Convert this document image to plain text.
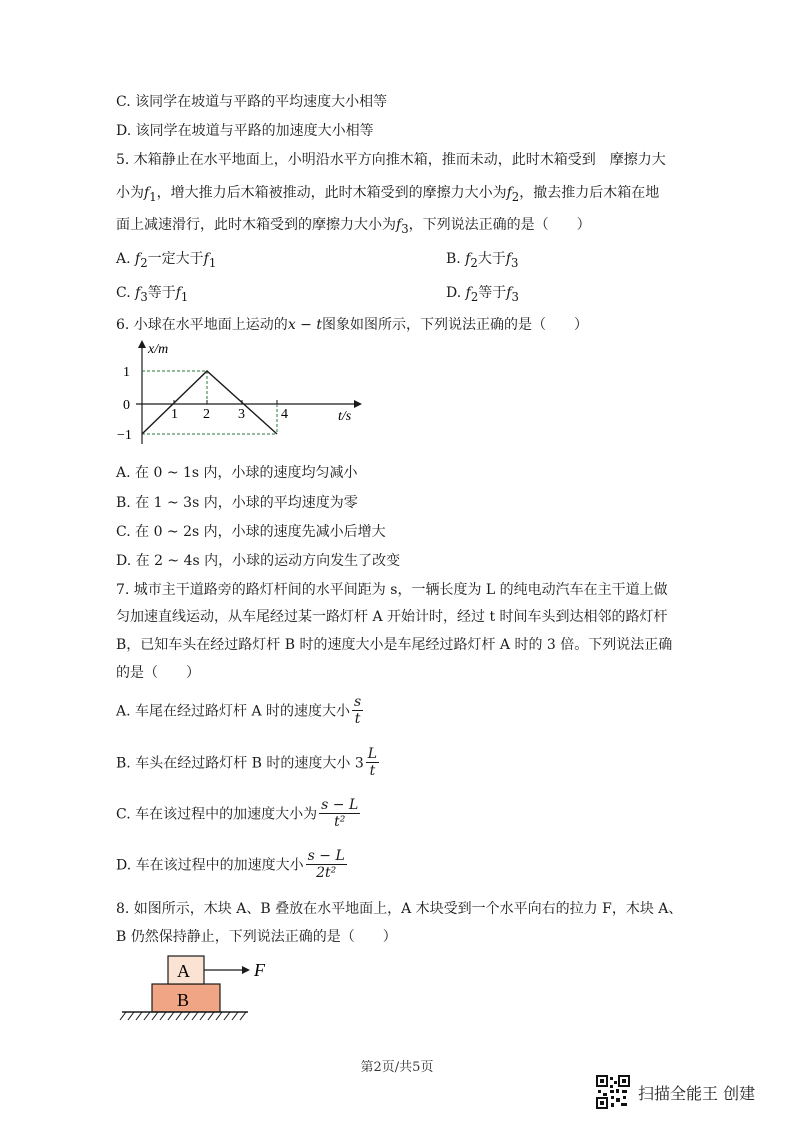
C. 该同学在坡道与平路的平均速度大小相等
D. 该同学在坡道与平路的加速度大小相等
5. 木箱静止在水平地面上，小明沿水平方向推木箱，推而未动，此时木箱受到　摩擦力大
小为$f_1$，增大推力后木箱被推动，此时木箱受到的摩擦力大小为$f_2$，撤去推力后木箱在地
面上减速滑行，此时木箱受到的摩擦力大小为$f_3$，下列说法正确的是（　　）
A. $f_2$一定大于$f_1$	B. $f_2$大于$f_3$
C. $f_3$等于$f_1$	D. $f_2$等于$f_3$
6. 小球在水平地面上运动的x − t图象如图所示，下列说法正确的是（　　）
x/m
t/s
1
0
−1
1 2 3	4
A. 在 0 ~ 1s 内，小球的速度均匀减小
B. 在 1 ~ 3s 内，小球的平均速度为零
C. 在 0 ~ 2s 内，小球的速度先减小后增大
D. 在 2 ~ 4s 内，小球的运动方向发生了改变
7. 城市主干道路旁的路灯杆间的水平间距为 s，一辆长度为 L 的纯电动汽车在主干道上做
匀加速直线运动，从车尾经过某一路灯杆 A 开始计时，经过 t 时间车头到达相邻的路灯杆
B，已知车头在经过路灯杆 B 时的速度大小是车尾经过路灯杆 A 时的 3 倍。下列说法正确
的是（　　）
A. 车尾在经过路灯杆 A 时的速度大小 $\frac{s}{t}$
B. 车头在经过路灯杆 B 时的速度大小 $3 \frac{L}{t}$
C. 车在该过程中的加速度大小为 $\frac{s - L}{\text{t²}}$
D. 车在该过程中的加速度大小 $\frac{s - L}{\text{2t²}}$
8. 如图所示，木块 A、B 叠放在水平地面上，A 木块受到一个水平向右的拉力 F，木块 A、
B 仍然保持静止，下列说法正确的是（　　）
A
B
F
第2页/共5页
扫描全能王 创建
